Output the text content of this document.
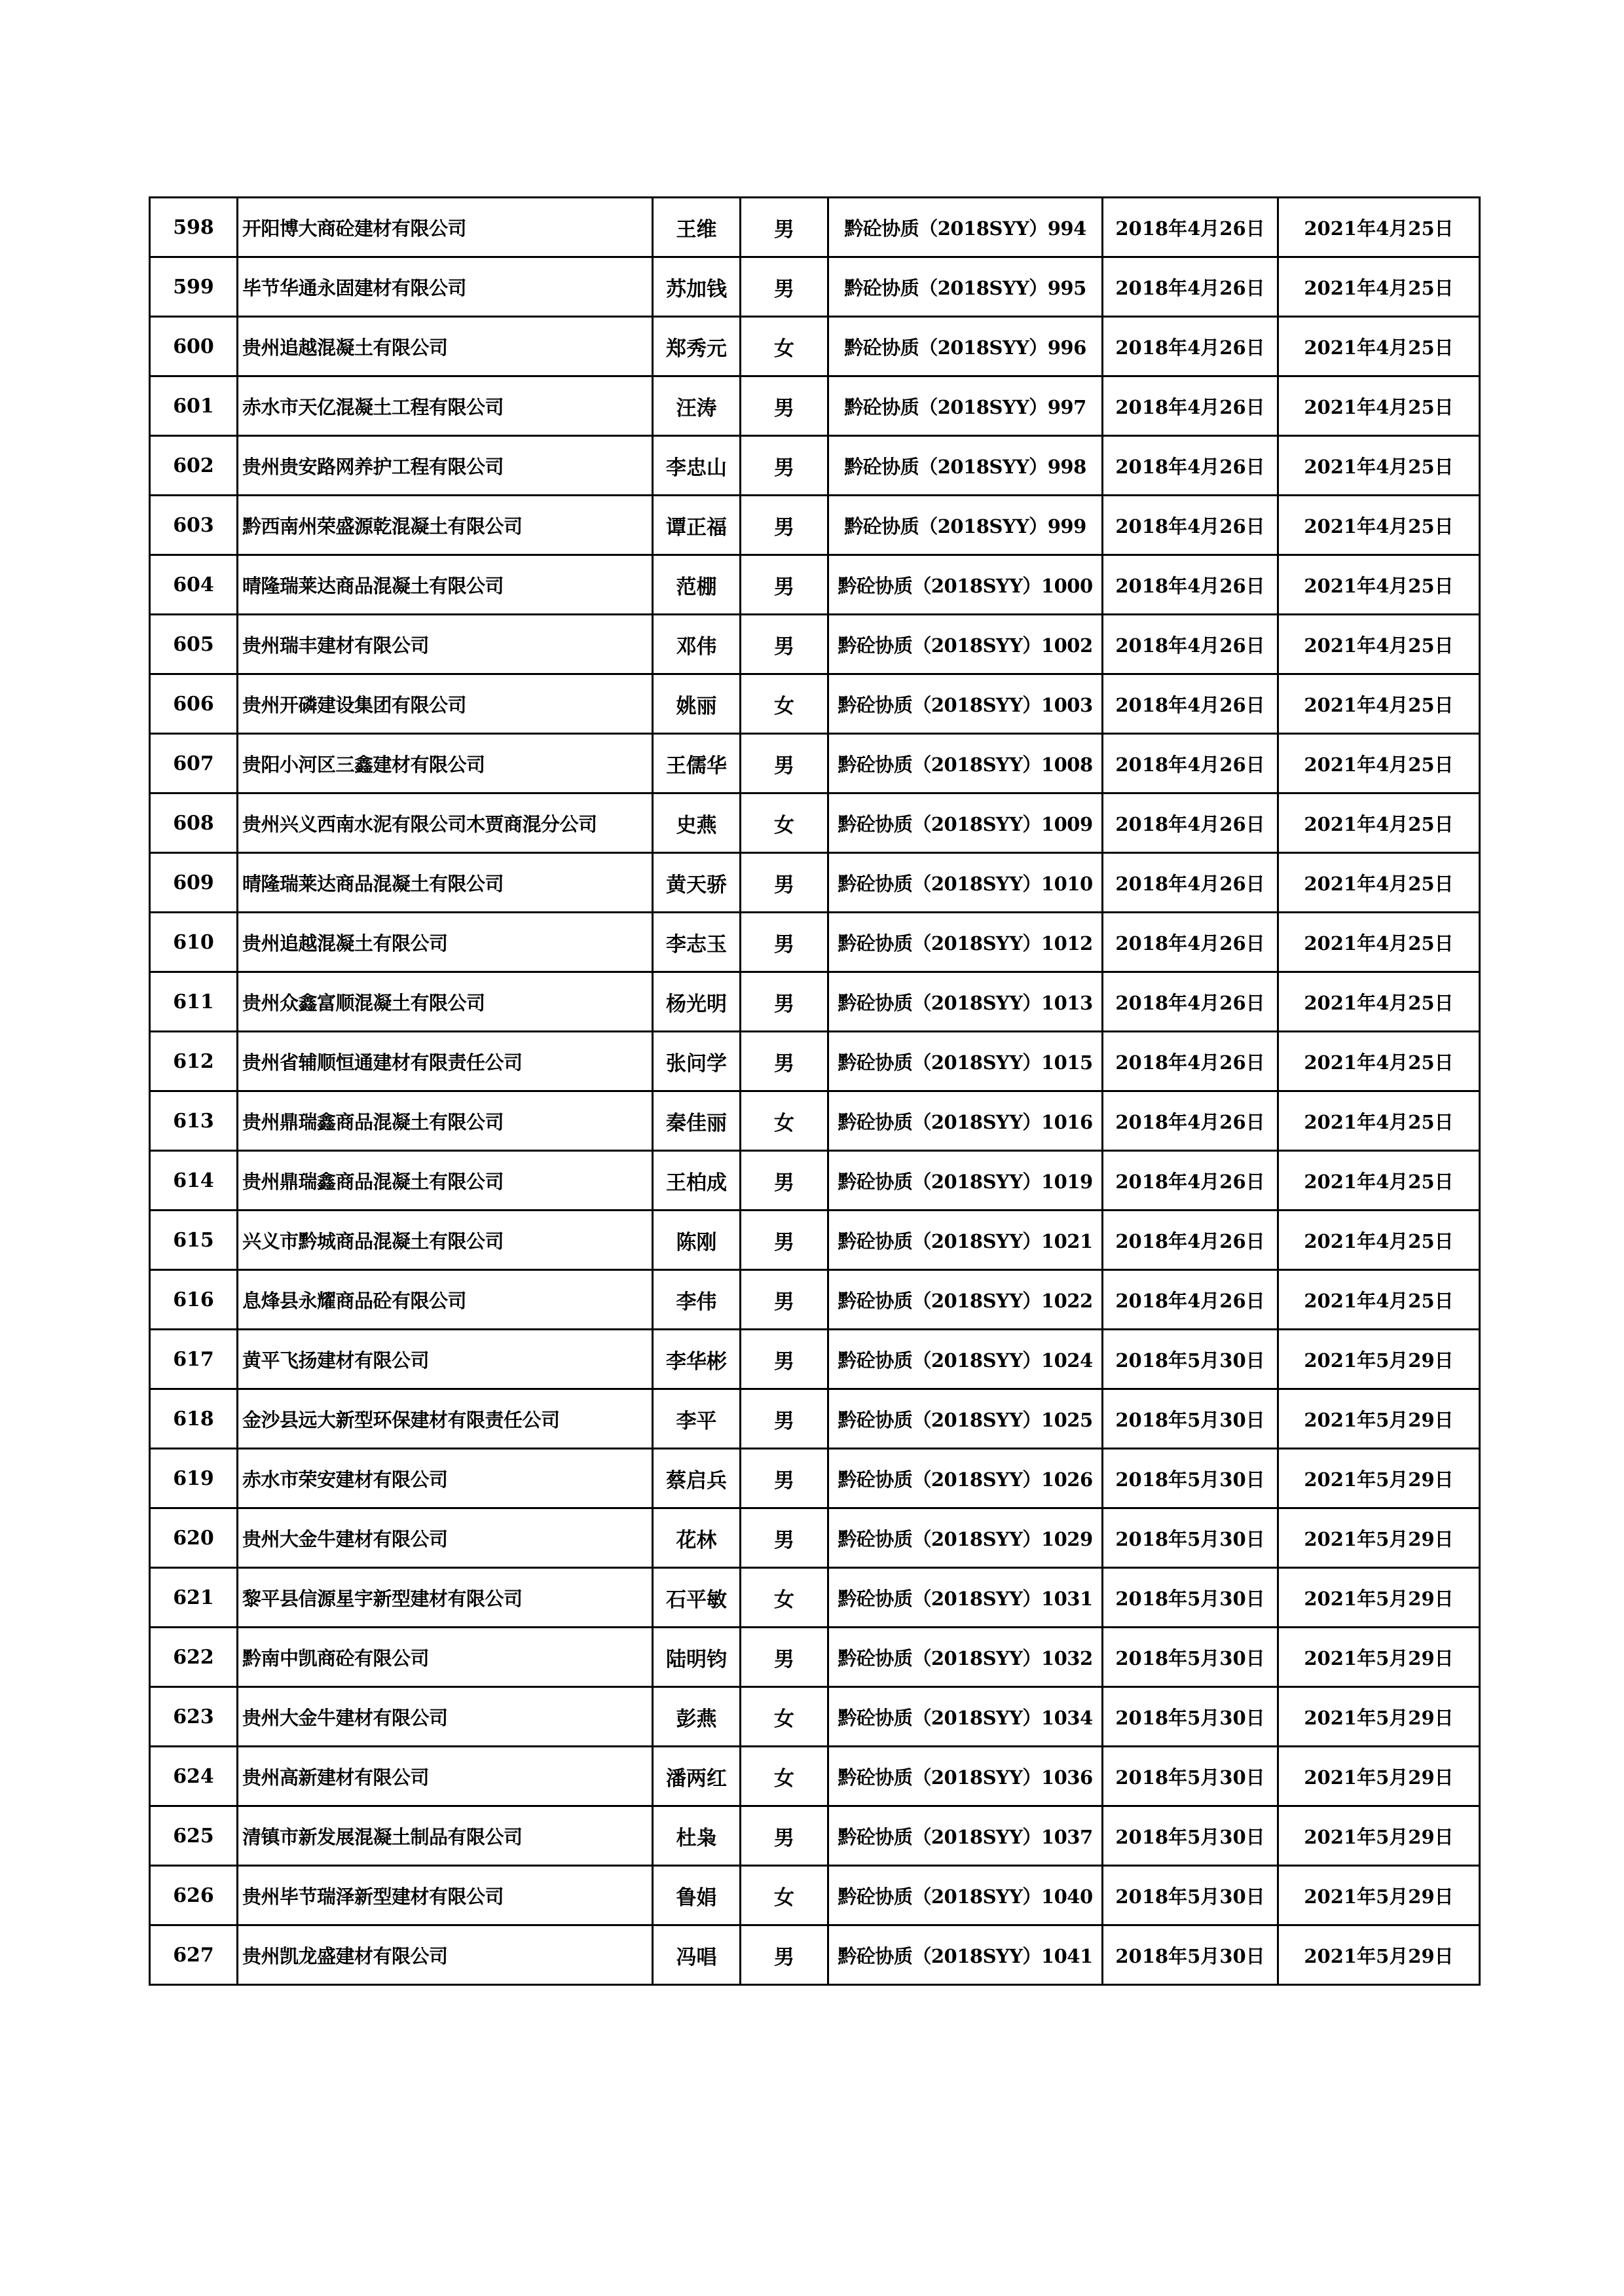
598	开阳博大商砼建材有限公司	王维	男	黔砼协质（2018SYY）994	2018年4月26日	2021年4月25日
599	毕节华通永固建材有限公司	苏加钱	男	黔砼协质（2018SYY）995	2018年4月26日	2021年4月25日
600	贵州追越混凝土有限公司	郑秀元	女	黔砼协质（2018SYY）996	2018年4月26日	2021年4月25日
601	赤水市天亿混凝土工程有限公司	汪涛	男	黔砼协质（2018SYY）997	2018年4月26日	2021年4月25日
602	贵州贵安路网养护工程有限公司	李忠山	男	黔砼协质（2018SYY）998	2018年4月26日	2021年4月25日
603	黔西南州荣盛源乾混凝土有限公司	谭正福	男	黔砼协质（2018SYY）999	2018年4月26日	2021年4月25日
604	晴隆瑞莱达商品混凝土有限公司	范棚	男	黔砼协质（2018SYY）1000	2018年4月26日	2021年4月25日
605	贵州瑞丰建材有限公司	邓伟	男	黔砼协质（2018SYY）1002	2018年4月26日	2021年4月25日
606	贵州开磷建设集团有限公司	姚丽	女	黔砼协质（2018SYY）1003	2018年4月26日	2021年4月25日
607	贵阳小河区三鑫建材有限公司	王儒华	男	黔砼协质（2018SYY）1008	2018年4月26日	2021年4月25日
608	贵州兴义西南水泥有限公司木贾商混分公司	史燕	女	黔砼协质（2018SYY）1009	2018年4月26日	2021年4月25日
609	晴隆瑞莱达商品混凝土有限公司	黄天骄	男	黔砼协质（2018SYY）1010	2018年4月26日	2021年4月25日
610	贵州追越混凝土有限公司	李志玉	男	黔砼协质（2018SYY）1012	2018年4月26日	2021年4月25日
611	贵州众鑫富顺混凝土有限公司	杨光明	男	黔砼协质（2018SYY）1013	2018年4月26日	2021年4月25日
612	贵州省辅顺恒通建材有限责任公司	张问学	男	黔砼协质（2018SYY）1015	2018年4月26日	2021年4月25日
613	贵州鼎瑞鑫商品混凝土有限公司	秦佳丽	女	黔砼协质（2018SYY）1016	2018年4月26日	2021年4月25日
614	贵州鼎瑞鑫商品混凝土有限公司	王柏成	男	黔砼协质（2018SYY）1019	2018年4月26日	2021年4月25日
615	兴义市黔城商品混凝土有限公司	陈刚	男	黔砼协质（2018SYY）1021	2018年4月26日	2021年4月25日
616	息烽县永耀商品砼有限公司	李伟	男	黔砼协质（2018SYY）1022	2018年4月26日	2021年4月25日
617	黄平飞扬建材有限公司	李华彬	男	黔砼协质（2018SYY）1024	2018年5月30日	2021年5月29日
618	金沙县远大新型环保建材有限责任公司	李平	男	黔砼协质（2018SYY）1025	2018年5月30日	2021年5月29日
619	赤水市荣安建材有限公司	蔡启兵	男	黔砼协质（2018SYY）1026	2018年5月30日	2021年5月29日
620	贵州大金牛建材有限公司	花林	男	黔砼协质（2018SYY）1029	2018年5月30日	2021年5月29日
621	黎平县信源星宇新型建材有限公司	石平敏	女	黔砼协质（2018SYY）1031	2018年5月30日	2021年5月29日
622	黔南中凯商砼有限公司	陆明钧	男	黔砼协质（2018SYY）1032	2018年5月30日	2021年5月29日
623	贵州大金牛建材有限公司	彭燕	女	黔砼协质（2018SYY）1034	2018年5月30日	2021年5月29日
624	贵州高新建材有限公司	潘两红	女	黔砼协质（2018SYY）1036	2018年5月30日	2021年5月29日
625	清镇市新发展混凝土制品有限公司	杜枭	男	黔砼协质（2018SYY）1037	2018年5月30日	2021年5月29日
626	贵州毕节瑞泽新型建材有限公司	鲁娟	女	黔砼协质（2018SYY）1040	2018年5月30日	2021年5月29日
627	贵州凯龙盛建材有限公司	冯唱	男	黔砼协质（2018SYY）1041	2018年5月30日	2021年5月29日
